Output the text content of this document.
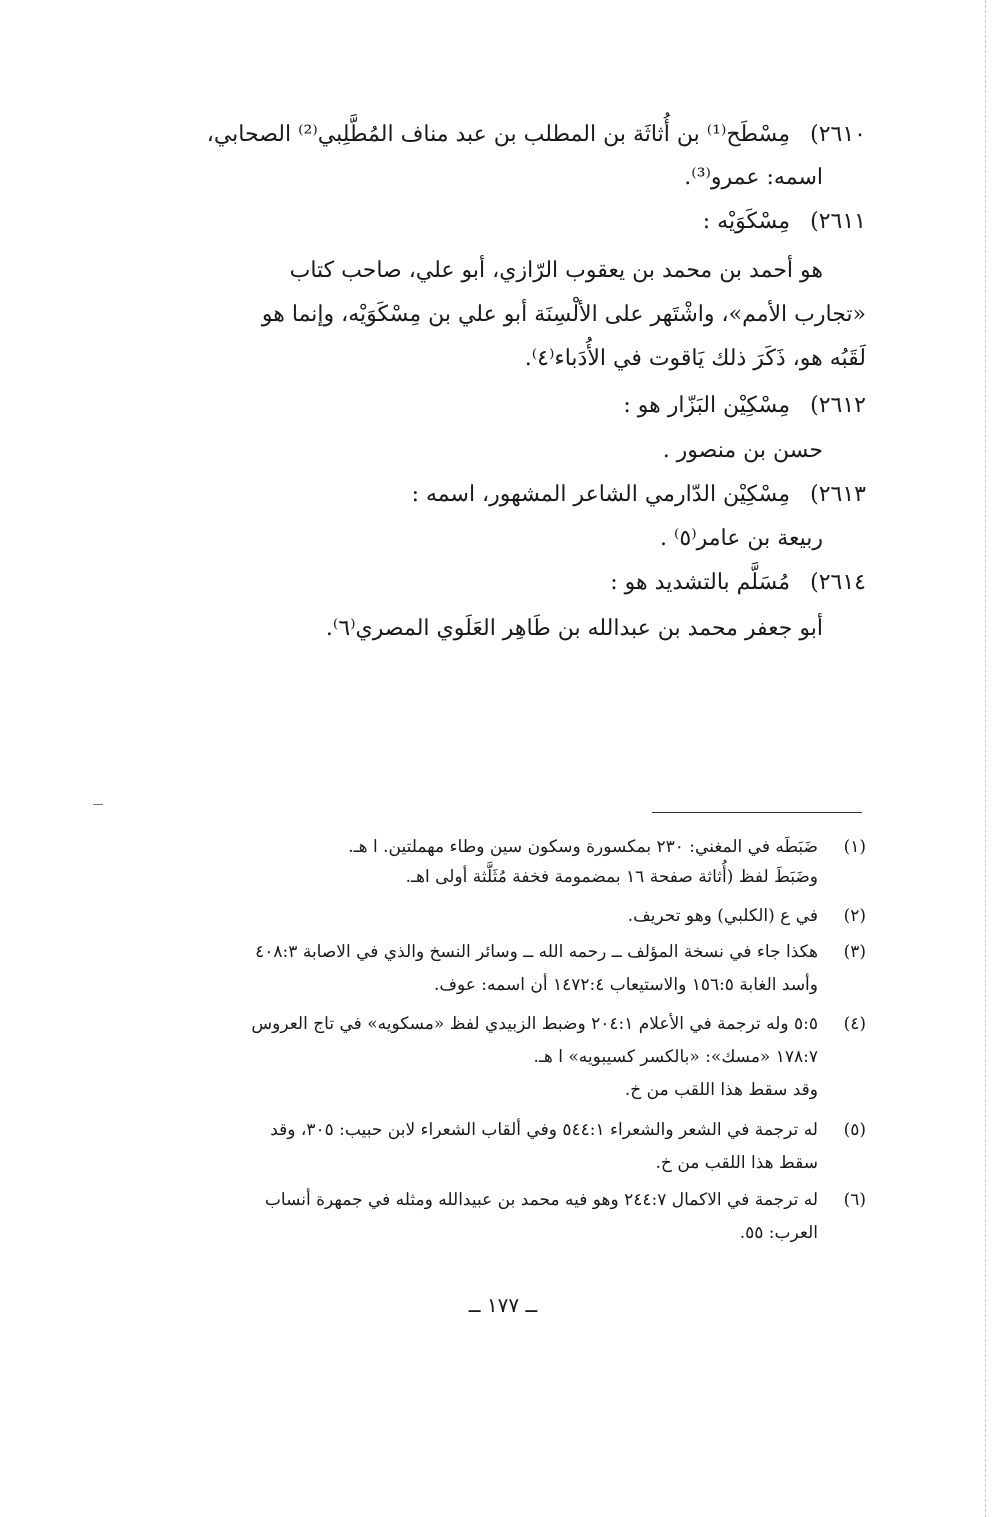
٢٦١٠)مِسْطَح⁽¹⁾ بن أُثاثَة بن المطلب بن عبد مناف المُطَّلِبي⁽²⁾ الصحابي،
اسمه: عمرو⁽³⁾.
٢٦١١)مِسْكَوَيْه :
هو أحمد بن محمد بن يعقوب الرّازي، أبو علي، صاحب كتاب
«تجارب الأمم»، واشْتَهر على الألْسِنَة أبو علي بن مِسْكَوَيْه، وإنما هو
لَقَبُه هو، ذَكَرَ ذلك يَاقوت في الأُدَباء⁽٤⁾.
٢٦١٢)مِسْكِيْن البَزّار هو :
حسن بن منصور .
٢٦١٣)مِسْكِيْن الدّارمي الشاعر المشهور، اسمه :
ربيعة بن عامر⁽٥⁾ .
٢٦١٤)مُسَلَّم بالتشديد هو :
أبو جعفر محمد بن عبدالله بن طَاهِر العَلَوي المصري⁽٦⁾.
(١)ضَبَطَه في المغني: ٢٣٠ بمكسورة وسكون سين وطاء مهملتين. ا هـ.
وضَبَطَ لفظ (أُثاثة صفحة ١٦ بمضمومة فخفة مُثَلَّثة أولى اهـ.
(٢)في ع (الكلبي) وهو تحريف.
(٣)هكذا جاء في نسخة المؤلف ــ رحمه الله ــ وسائر النسخ والذي في الاصابة ٤٠٨:٣
وأسد الغابة ١٥٦:٥ والاستيعاب ١٤٧٢:٤ أن اسمه: عوف.
(٤)٥:٥ وله ترجمة في الأعلام ٢٠٤:١ وضبط الزبيدي لفظ «مسكويه» في تاج العروس
١٧٨:٧ «مسك»: «بالكسر كسيبويه» ا هـ.
وقد سقط هذا اللقب من خ.
(٥)له ترجمة في الشعر والشعراء ٥٤٤:١ وفي ألقاب الشعراء لابن حبيب: ٣٠٥، وقد
سقط هذا اللقب من خ.
(٦)له ترجمة في الاكمال ٢٤٤:٧ وهو فيه محمد بن عبيدالله ومثله في جمهرة أنساب
العرب: ٥٥.
ــ ١٧٧ ــ
